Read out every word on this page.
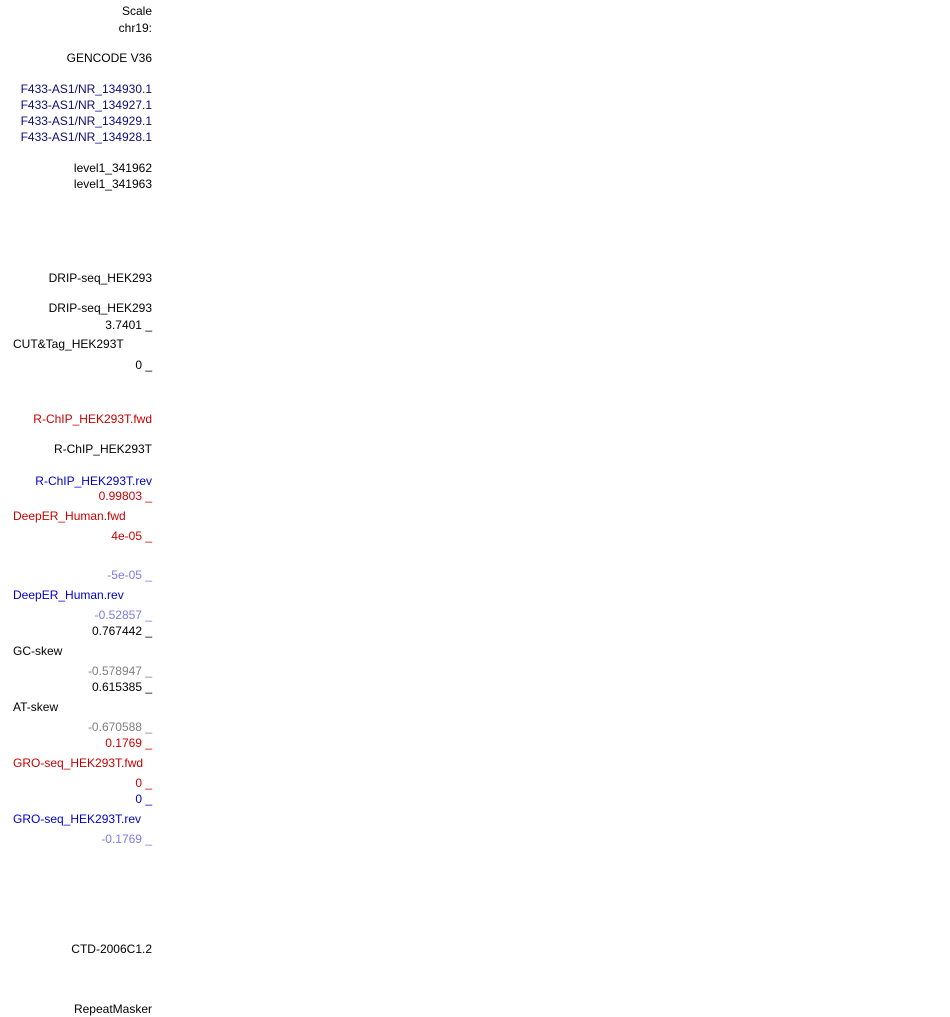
Scale
chr19:
GENCODE V36
F433-AS1/NR_134930.1
F433-AS1/NR_134927.1
F433-AS1/NR_134929.1
F433-AS1/NR_134928.1
level1_341962
level1_341963
DRIP-seq_HEK293
DRIP-seq_HEK293
3.7401 _
CUT&Tag_HEK293T
0 _
R-ChIP_HEK293T.fwd
R-ChIP_HEK293T
R-ChIP_HEK293T.rev
0.99803 _
DeepER_Human.fwd
4e-05 _
-5e-05 _
DeepER_Human.rev
-0.52857 _
0.767442 _
GC-skew
-0.578947 _
0.615385 _
AT-skew
-0.670588 _
0.1769 _
GRO-seq_HEK293T.fwd
0 _
0 _
GRO-seq_HEK293T.rev
-0.1769 _
CTD-2006C1.2
RepeatMasker
